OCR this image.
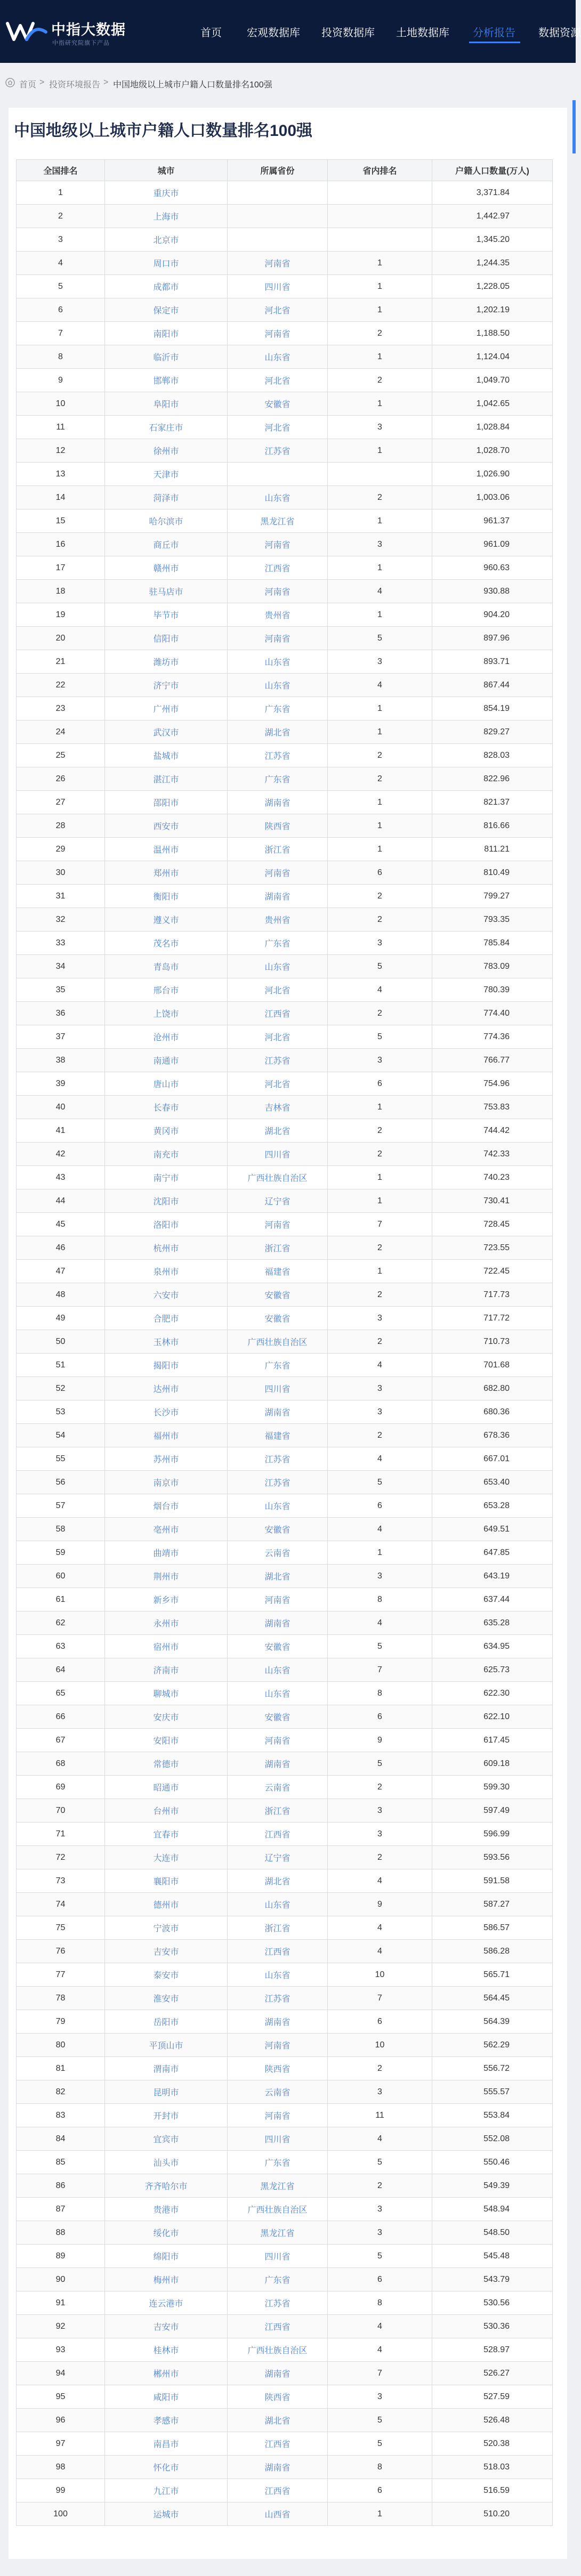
中指大数据
中指研究院旗下产品
首页 宏观数据库 投资数据库 土地数据库 分析报告 数据资源
首页 > 投资环境报告 > 中国地级以上城市户籍人口数量排名100强
中国地级以上城市户籍人口数量排名100强
全国排名	城市	所属省份	省内排名	户籍人口数量(万人)
1	重庆市			3,371.84
2	上海市			1,442.97
3	北京市			1,345.20
4	周口市	河南省	1	1,244.35
5	成都市	四川省	1	1,228.05
6	保定市	河北省	1	1,202.19
7	南阳市	河南省	2	1,188.50
8	临沂市	山东省	1	1,124.04
9	邯郸市	河北省	2	1,049.70
10	阜阳市	安徽省	1	1,042.65
11	石家庄市	河北省	3	1,028.84
12	徐州市	江苏省	1	1,028.70
13	天津市			1,026.90
14	菏泽市	山东省	2	1,003.06
15	哈尔滨市	黑龙江省	1	961.37
16	商丘市	河南省	3	961.09
17	赣州市	江西省	1	960.63
18	驻马店市	河南省	4	930.88
19	毕节市	贵州省	1	904.20
20	信阳市	河南省	5	897.96
21	潍坊市	山东省	3	893.71
22	济宁市	山东省	4	867.44
23	广州市	广东省	1	854.19
24	武汉市	湖北省	1	829.27
25	盐城市	江苏省	2	828.03
26	湛江市	广东省	2	822.96
27	邵阳市	湖南省	1	821.37
28	西安市	陕西省	1	816.66
29	温州市	浙江省	1	811.21
30	郑州市	河南省	6	810.49
31	衡阳市	湖南省	2	799.27
32	遵义市	贵州省	2	793.35
33	茂名市	广东省	3	785.84
34	青岛市	山东省	5	783.09
35	邢台市	河北省	4	780.39
36	上饶市	江西省	2	774.40
37	沧州市	河北省	5	774.36
38	南通市	江苏省	3	766.77
39	唐山市	河北省	6	754.96
40	长春市	吉林省	1	753.83
41	黄冈市	湖北省	2	744.42
42	南充市	四川省	2	742.33
43	南宁市	广西壮族自治区	1	740.23
44	沈阳市	辽宁省	1	730.41
45	洛阳市	河南省	7	728.45
46	杭州市	浙江省	2	723.55
47	泉州市	福建省	1	722.45
48	六安市	安徽省	2	717.73
49	合肥市	安徽省	3	717.72
50	玉林市	广西壮族自治区	2	710.73
51	揭阳市	广东省	4	701.68
52	达州市	四川省	3	682.80
53	长沙市	湖南省	3	680.36
54	福州市	福建省	2	678.36
55	苏州市	江苏省	4	667.01
56	南京市	江苏省	5	653.40
57	烟台市	山东省	6	653.28
58	亳州市	安徽省	4	649.51
59	曲靖市	云南省	1	647.85
60	荆州市	湖北省	3	643.19
61	新乡市	河南省	8	637.44
62	永州市	湖南省	4	635.28
63	宿州市	安徽省	5	634.95
64	济南市	山东省	7	625.73
65	聊城市	山东省	8	622.30
66	安庆市	安徽省	6	622.10
67	安阳市	河南省	9	617.45
68	常德市	湖南省	5	609.18
69	昭通市	云南省	2	599.30
70	台州市	浙江省	3	597.49
71	宜春市	江西省	3	596.99
72	大连市	辽宁省	2	593.56
73	襄阳市	湖北省	4	591.58
74	德州市	山东省	9	587.27
75	宁波市	浙江省	4	586.57
76	吉安市	江西省	4	586.28
77	泰安市	山东省	10	565.71
78	淮安市	江苏省	7	564.45
79	岳阳市	湖南省	6	564.39
80	平顶山市	河南省	10	562.29
81	渭南市	陕西省	2	556.72
82	昆明市	云南省	3	555.57
83	开封市	河南省	11	553.84
84	宜宾市	四川省	4	552.08
85	汕头市	广东省	5	550.46
86	齐齐哈尔市	黑龙江省	2	549.39
87	贵港市	广西壮族自治区	3	548.94
88	绥化市	黑龙江省	3	548.50
89	绵阳市	四川省	5	545.48
90	梅州市	广东省	6	543.79
91	连云港市	江苏省	8	530.56
92	吉安市	江西省	4	530.36
93	桂林市	广西壮族自治区	4	528.97
94	郴州市	湖南省	7	526.27
95	咸阳市	陕西省	3	527.59
96	孝感市	湖北省	5	526.48
97	南昌市	江西省	5	520.38
98	怀化市	湖南省	8	518.03
99	九江市	江西省	6	516.59
100	运城市	山西省	1	510.20
